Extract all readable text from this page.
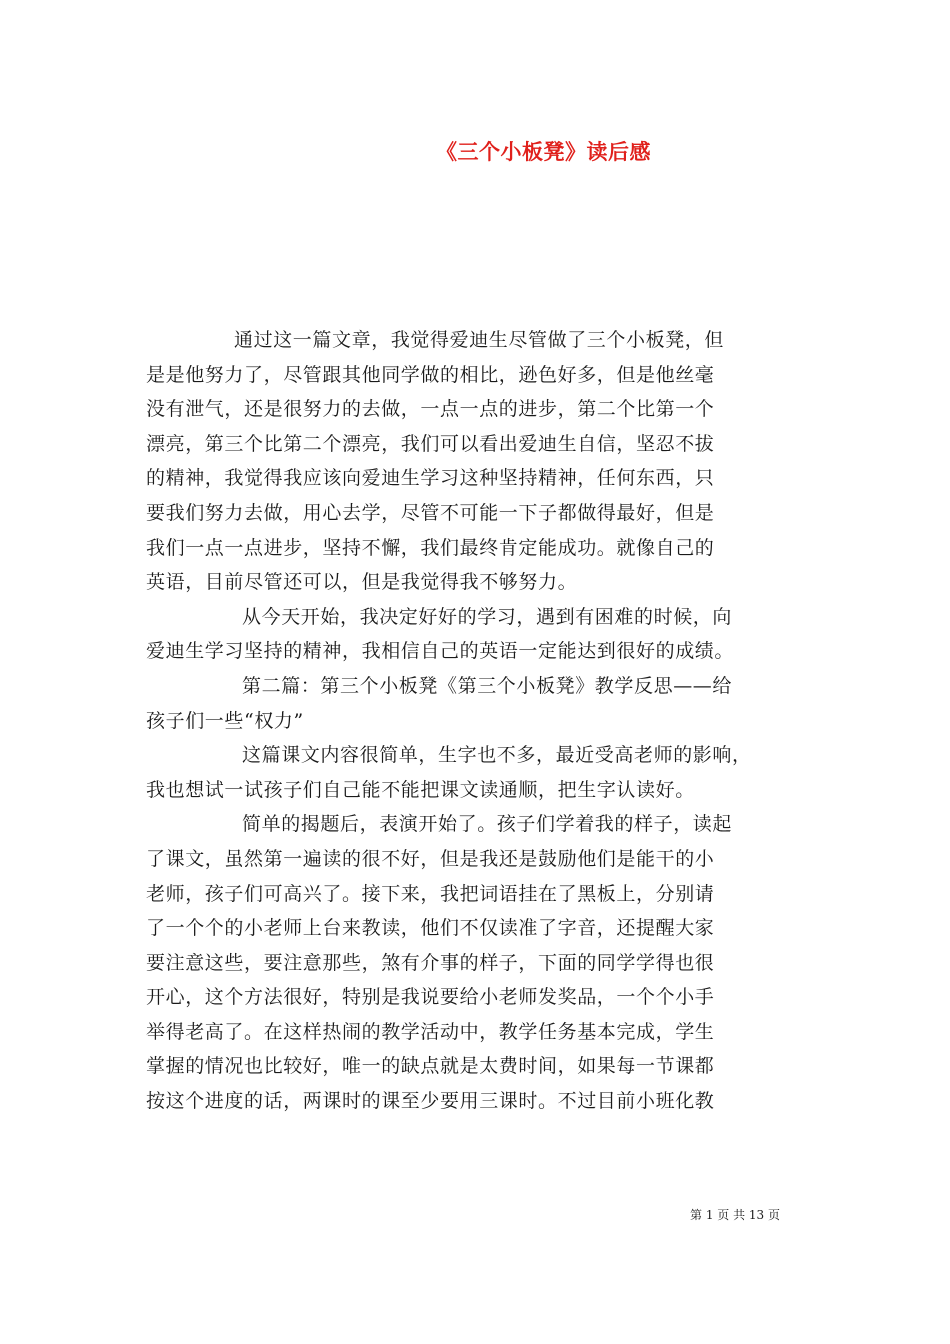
《三个小板凳》读后感
通过这一篇文章，我觉得爱迪生尽管做了三个小板凳，但
是是他努力了，尽管跟其他同学做的相比，逊色好多，但是他丝毫
没有泄气，还是很努力的去做，一点一点的进步，第二个比第一个
漂亮，第三个比第二个漂亮，我们可以看出爱迪生自信，坚忍不拔
的精神，我觉得我应该向爱迪生学习这种坚持精神，任何东西，只
要我们努力去做，用心去学，尽管不可能一下子都做得最好，但是
我们一点一点进步，坚持不懈，我们最终肯定能成功。就像自己的
英语，目前尽管还可以，但是我觉得我不够努力。
从今天开始，我决定好好的学习，遇到有困难的时候，向
爱迪生学习坚持的精神，我相信自己的英语一定能达到很好的成绩。
第二篇：第三个小板凳《第三个小板凳》教学反思——给
孩子们一些“权力”
这篇课文内容很简单，生字也不多，最近受高老师的影响，
我也想试一试孩子们自己能不能把课文读通顺，把生字认读好。
简单的揭题后，表演开始了。孩子们学着我的样子，读起
了课文，虽然第一遍读的很不好，但是我还是鼓励他们是能干的小
老师，孩子们可高兴了。接下来，我把词语挂在了黑板上，分别请
了一个个的小老师上台来教读，他们不仅读准了字音，还提醒大家
要注意这些，要注意那些，煞有介事的样子，下面的同学学得也很
开心，这个方法很好，特别是我说要给小老师发奖品，一个个小手
举得老高了。在这样热闹的教学活动中，教学任务基本完成，学生
掌握的情况也比较好，唯一的缺点就是太费时间，如果每一节课都
按这个进度的话，两课时的课至少要用三课时。不过目前小班化教
第 1 页 共 13 页
